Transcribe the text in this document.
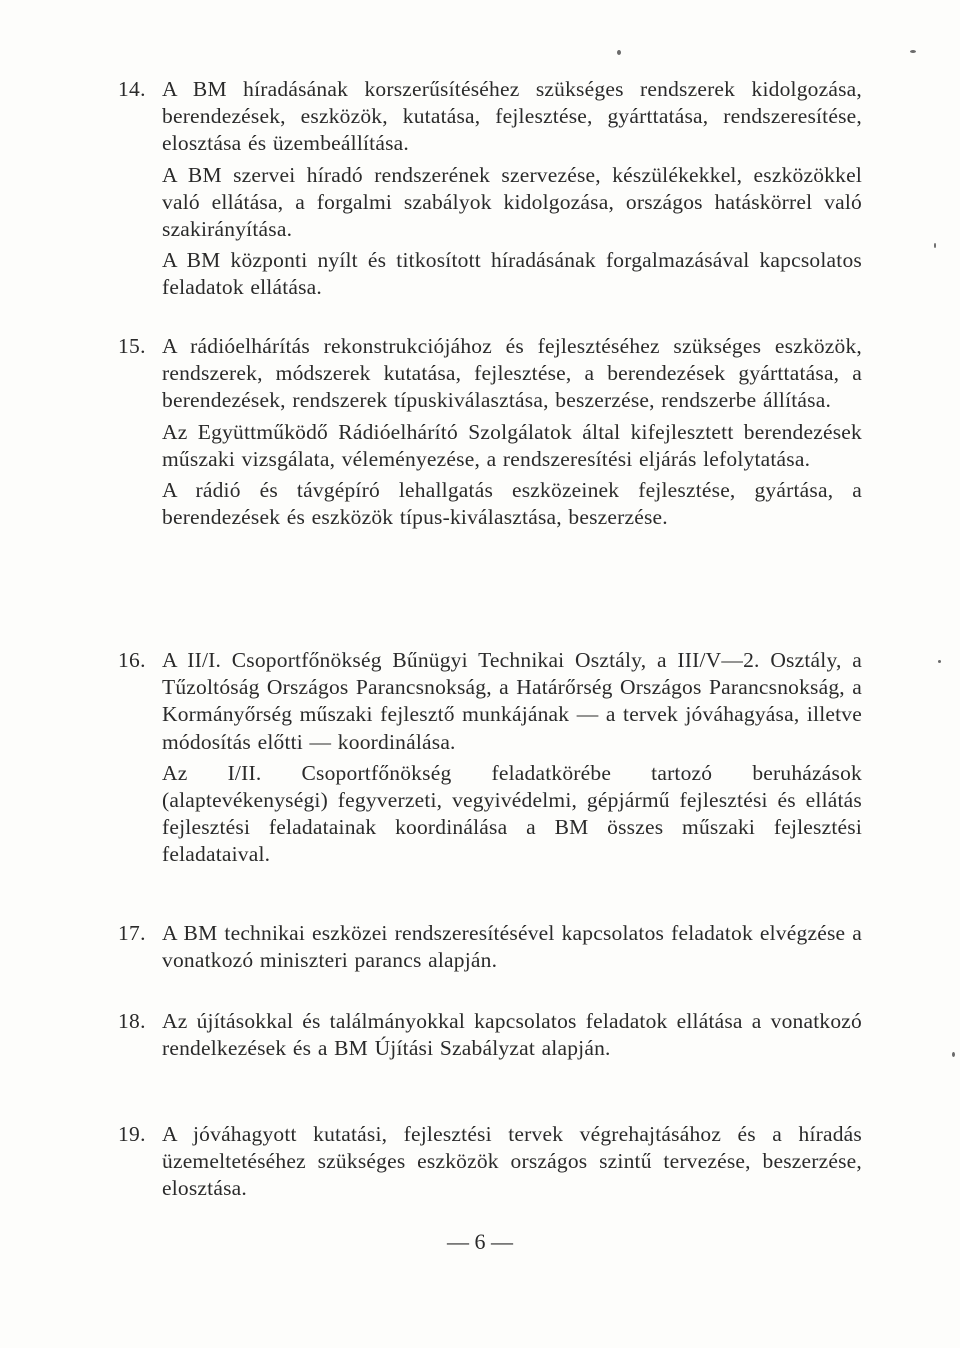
14. A BM híradásának korszerűsítéséhez szükséges rendszerek kidolgozása, berendezések, eszközök, kutatása, fejlesztése, gyárttatása, rendszeresítése, elosztása és üzembeállítása.

A BM szervei híradó rendszerének szervezése, készülékekkel, eszközökkel való ellátása, a forgalmi szabályok kidolgozása, országos hatáskörrel való szakirányítása.

A BM központi nyílt és titkosított híradásának forgalmazásával kapcsolatos feladatok ellátása.

15. A rádióelhárítás rekonstrukciójához és fejlesztéséhez szükséges eszközök, rendszerek, módszerek kutatása, fejlesztése, a berendezések gyárttatása, a berendezések, rendszerek típuskiválasztása, beszerzése, rendszerbe állítása.

Az Együttműködő Rádióelhárító Szolgálatok által kifejlesztett berendezések műszaki vizsgálata, véleményezése, a rendszeresítési eljárás lefolytatása.

A rádió és távgépíró lehallgatás eszközeinek fejlesztése, gyártása, a berendezések és eszközök típus-kiválasztása, beszerzése.

16. A II/I. Csoportfőnökség Bűnügyi Technikai Osztály, a III/V—2. Osztály, a Tűzoltóság Országos Parancsnokság, a Határőrség Országos Parancsnokság, a Kormányőrség műszaki fejlesztő munkájának — a tervek jóváhagyása, illetve módosítás előtti — koordinálása.

Az I/II. Csoportfőnökség feladatkörébe tartozó beruházások (alaptevékenységi) fegyverzeti, vegyivédelmi, gépjármű fejlesztési és ellátás fejlesztési feladatainak koordinálása a BM összes műszaki fejlesztési feladataival.

17. A BM technikai eszközei rendszeresítésével kapcsolatos feladatok elvégzése a vonatkozó miniszteri parancs alapján.

18. Az újításokkal és találmányokkal kapcsolatos feladatok ellátása a vonatkozó rendelkezések és a BM Újítási Szabályzat alapján.

19. A jóváhagyott kutatási, fejlesztési tervek végrehajtásához és a híradás üzemeltetéséhez szükséges eszközök országos szintű tervezése, beszerzése, elosztása.

— 6 —
